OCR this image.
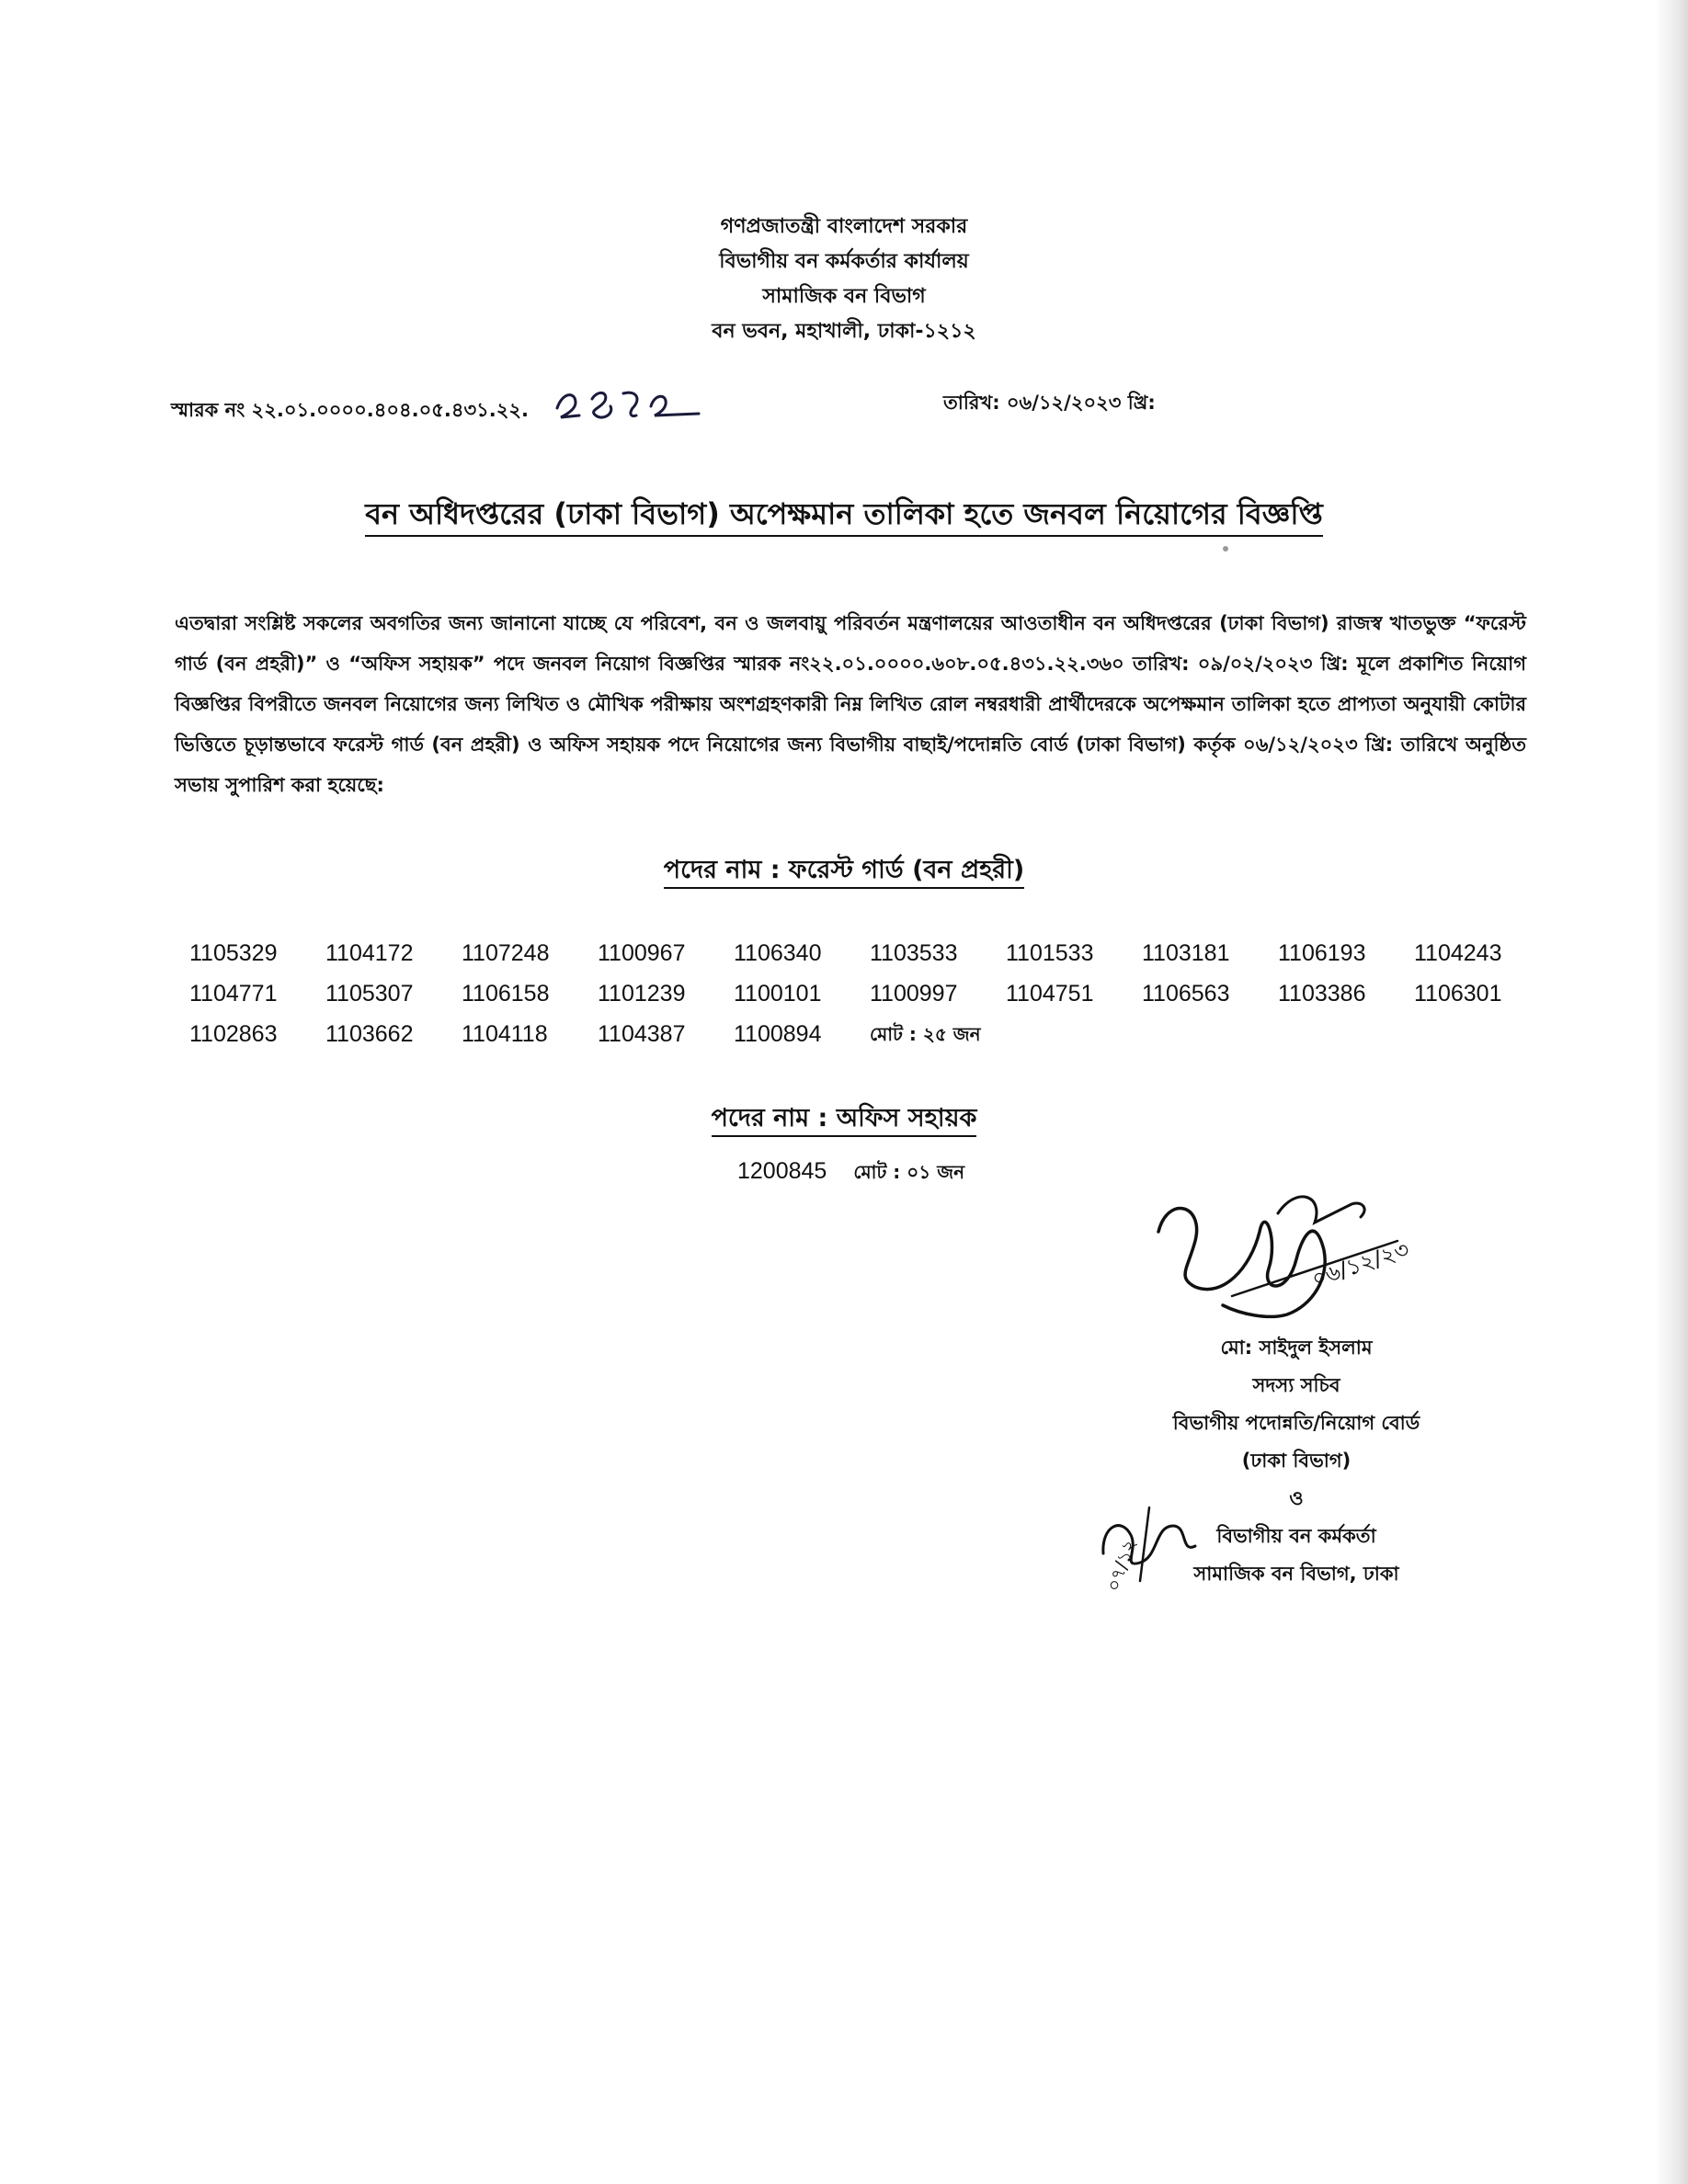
গণপ্রজাতন্ত্রী বাংলাদেশ সরকার
বিভাগীয় বন কর্মকর্তার কার্যালয়
সামাজিক বন বিভাগ
বন ভবন, মহাখালী, ঢাকা-১২১২
স্মারক নং ২২.০১.০০০০.৪০৪.০৫.৪৩১.২২.	তারিখ: ০৬/১২/২০২৩ খ্রি:
বন অধিদপ্তরের (ঢাকা বিভাগ) অপেক্ষমান তালিকা হতে জনবল নিয়োগের বিজ্ঞপ্তি
এতদ্বারা সংশ্লিষ্ট সকলের অবগতির জন্য জানানো যাচ্ছে যে পরিবেশ, বন ও জলবায়ু পরিবর্তন মন্ত্রণালয়ের আওতাধীন বন অধিদপ্তরের (ঢাকা বিভাগ) রাজস্ব খাতভুক্ত “ফরেস্ট গার্ড (বন প্রহরী)” ও “অফিস সহায়ক” পদে জনবল নিয়োগ বিজ্ঞপ্তির স্মারক নং২২.০১.০০০০.৬০৮.০৫.৪৩১.২২.৩৬০ তারিখ: ০৯/০২/২০২৩ খ্রি: মূলে প্রকাশিত নিয়োগ বিজ্ঞপ্তির বিপরীতে জনবল নিয়োগের জন্য লিখিত ও মৌখিক পরীক্ষায় অংশগ্রহণকারী নিম্ন লিখিত রোল নম্বরধারী প্রার্থীদেরকে অপেক্ষমান তালিকা হতে প্রাপ্যতা অনুযায়ী কোটার ভিত্তিতে চূড়ান্তভাবে ফরেস্ট গার্ড (বন প্রহরী) ও অফিস সহায়ক পদে নিয়োগের জন্য বিভাগীয় বাছাই/পদোন্নতি বোর্ড (ঢাকা বিভাগ) কর্তৃক ০৬/১২/২০২৩ খ্রি: তারিখে অনুষ্ঠিত সভায় সুপারিশ করা হয়েছে:
পদের নাম : ফরেস্ট গার্ড (বন প্রহরী)
1105329	1104172	1107248	1100967	1106340	1103533	1101533	1103181	1106193	1104243
1104771	1105307	1106158	1101239	1100101	1100997	1104751	1106563	1103386	1106301
1102863	1103662	1104118	1104387	1100894	মোট : ২৫ জন
পদের নাম : অফিস সহায়ক
1200845 মোট : ০১ জন
০৬/১২/২৩
মো: সাইদুল ইসলাম
সদস্য সচিব
বিভাগীয় পদোন্নতি/নিয়োগ বোর্ড
(ঢাকা বিভাগ)
ও
বিভাগীয় বন কর্মকর্তা
সামাজিক বন বিভাগ, ঢাকা
০৭/১২
